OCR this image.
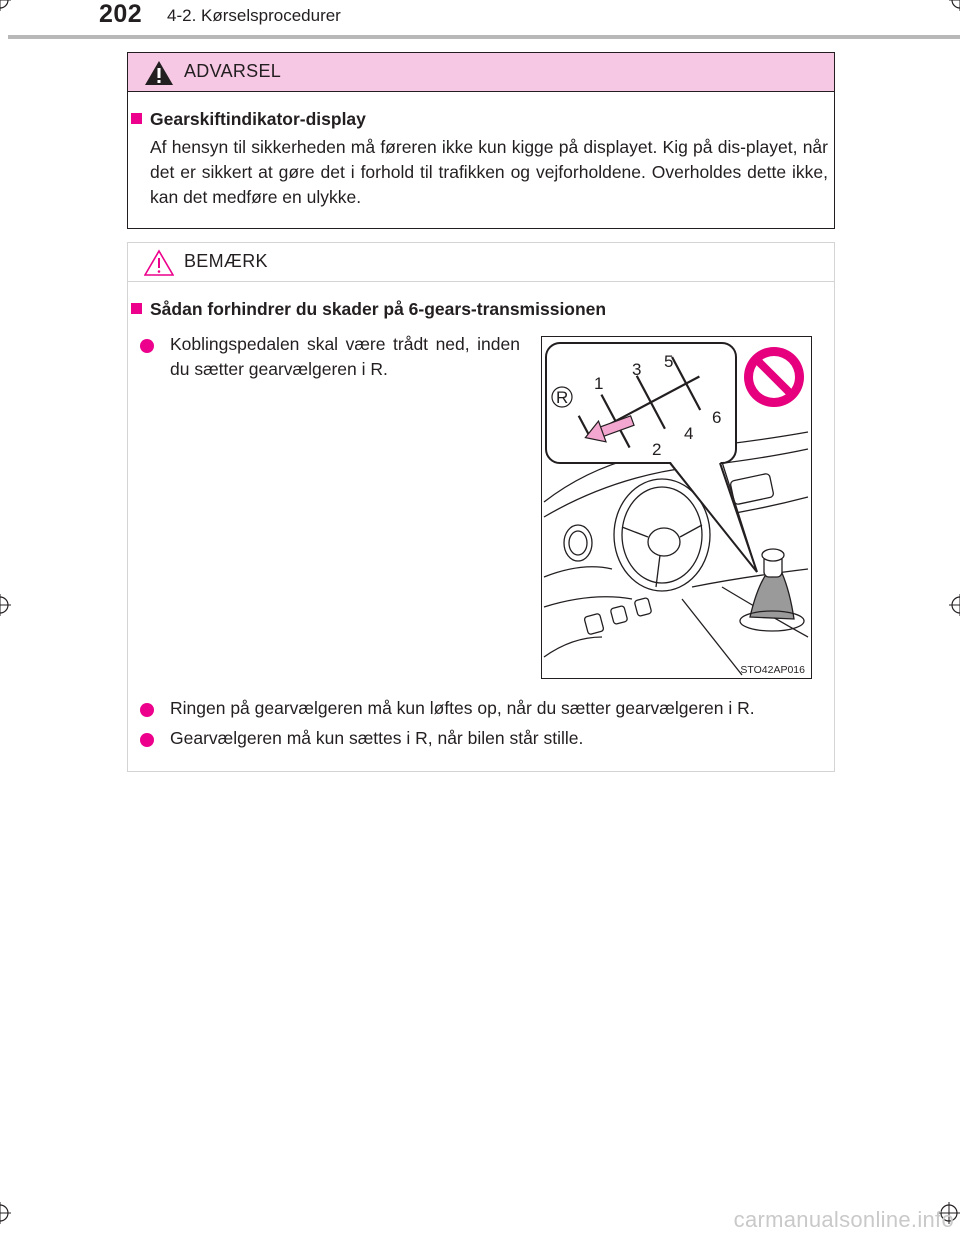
202 4-2. Kørselsprocedurer
ADVARSEL
Gearskiftindikator-display
Af hensyn til sikkerheden må føreren ikke kun kigge på displayet. Kig på dis-playet, når det er sikkert at gøre det i forhold til trafikken og vejforholdene. Overholdes dette ikke, kan det medføre en ulykke.
BEMÆRK
Sådan forhindrer du skader på 6-gears-transmissionen
Koblingspedalen skal være trådt ned, inden du sætter gearvælgeren i R.
Ringen på gearvælgeren må kun løftes op, når du sætter gearvælgeren i R.
Gearvælgeren må kun sættes i R, når bilen står stille.
R
1
2
3
4
5
6
STO42AP016
carmanualsonline.info
